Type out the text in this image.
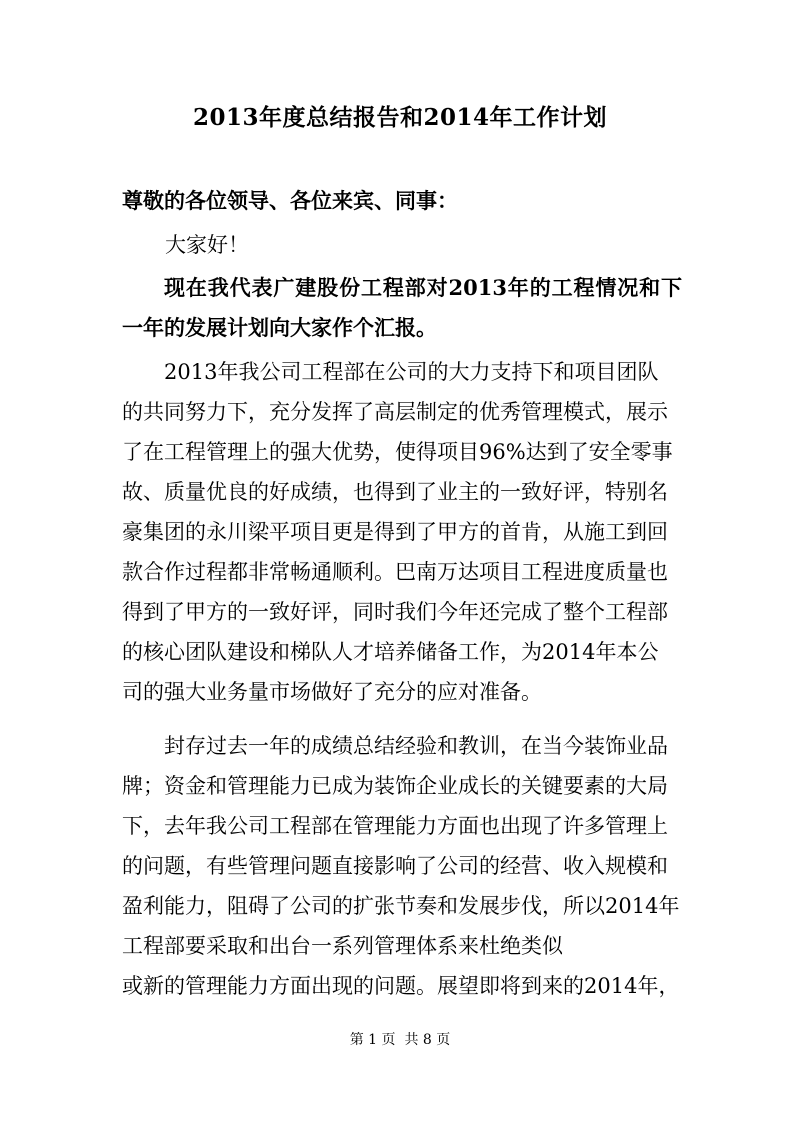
2013年度总结报告和2014年工作计划
尊敬的各位领导、各位来宾、同事：
大家好！
现在我代表广建股份工程部对2013年的工程情况和下一年的发展计划向大家作个汇报。
2013年我公司工程部在公司的大力支持下和项目团队
的共同努力下，充分发挥了高层制定的优秀管理模式，展示
了在工程管理上的强大优势，使得项目96%达到了安全零事
故、质量优良的好成绩，也得到了业主的一致好评，特别名
豪集团的永川梁平项目更是得到了甲方的首肯，从施工到回
款合作过程都非常畅通顺利。巴南万达项目工程进度质量也
得到了甲方的一致好评，同时我们今年还完成了整个工程部
的核心团队建设和梯队人才培养储备工作，为2014年本公
司的强大业务量市场做好了充分的应对准备。
封存过去一年的成绩总结经验和教训，在当今装饰业品
牌；资金和管理能力已成为装饰企业成长的关键要素的大局
下，去年我公司工程部在管理能力方面也出现了许多管理上
的问题，有些管理问题直接影响了公司的经营、收入规模和
盈利能力，阻碍了公司的扩张节奏和发展步伐，所以2014年
工程部要采取和出台一系列管理体系来杜绝类似
或新的管理能力方面出现的问题。展望即将到来的2014年，
第 1 页  共 8 页
